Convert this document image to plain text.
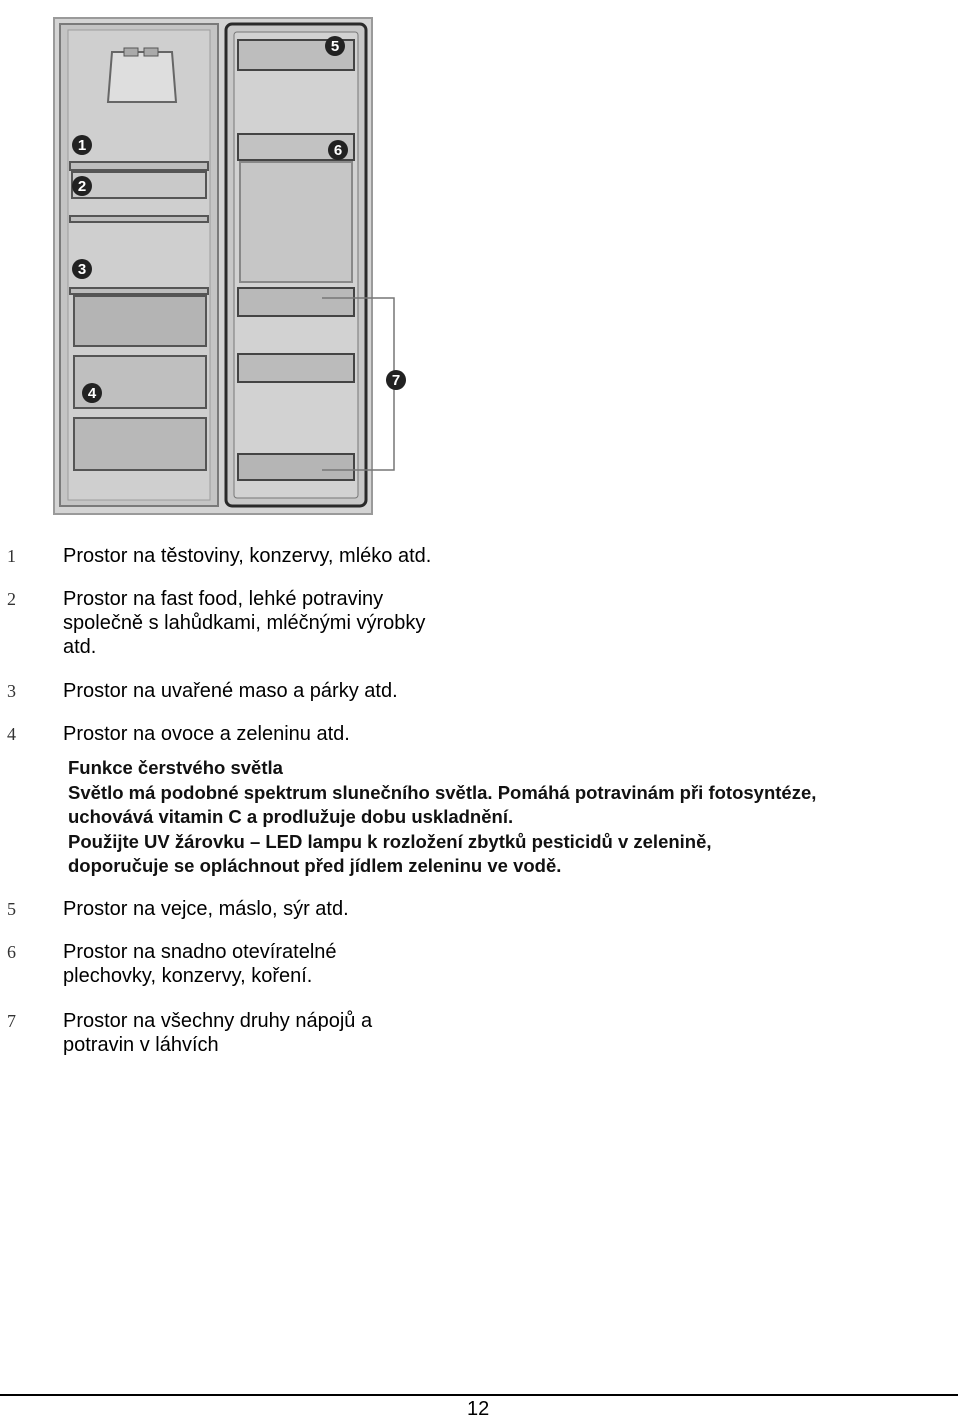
1
2
3
4
5
6
7
1 Prostor na těstoviny, konzervy, mléko atd.
2 Prostor na fast food, lehké potraviny
společně s lahůdkami, mléčnými výrobky
atd.
3 Prostor na uvařené maso a párky atd.
4 Prostor na ovoce a zeleninu atd.
Funkce čerstvého světla
Světlo má podobné spektrum slunečního světla. Pomáhá potravinám při fotosyntéze,
uchovává vitamin C a prodlužuje dobu uskladnění.
Použijte UV žárovku – LED lampu k rozložení zbytků pesticidů v zelenině,
doporučuje se opláchnout před jídlem zeleninu ve vodě.
5 Prostor na vejce, máslo, sýr atd.
6 Prostor na snadno otevíratelné
plechovky, konzervy, koření.
7 Prostor na všechny druhy nápojů a
potravin v láhvích
12
